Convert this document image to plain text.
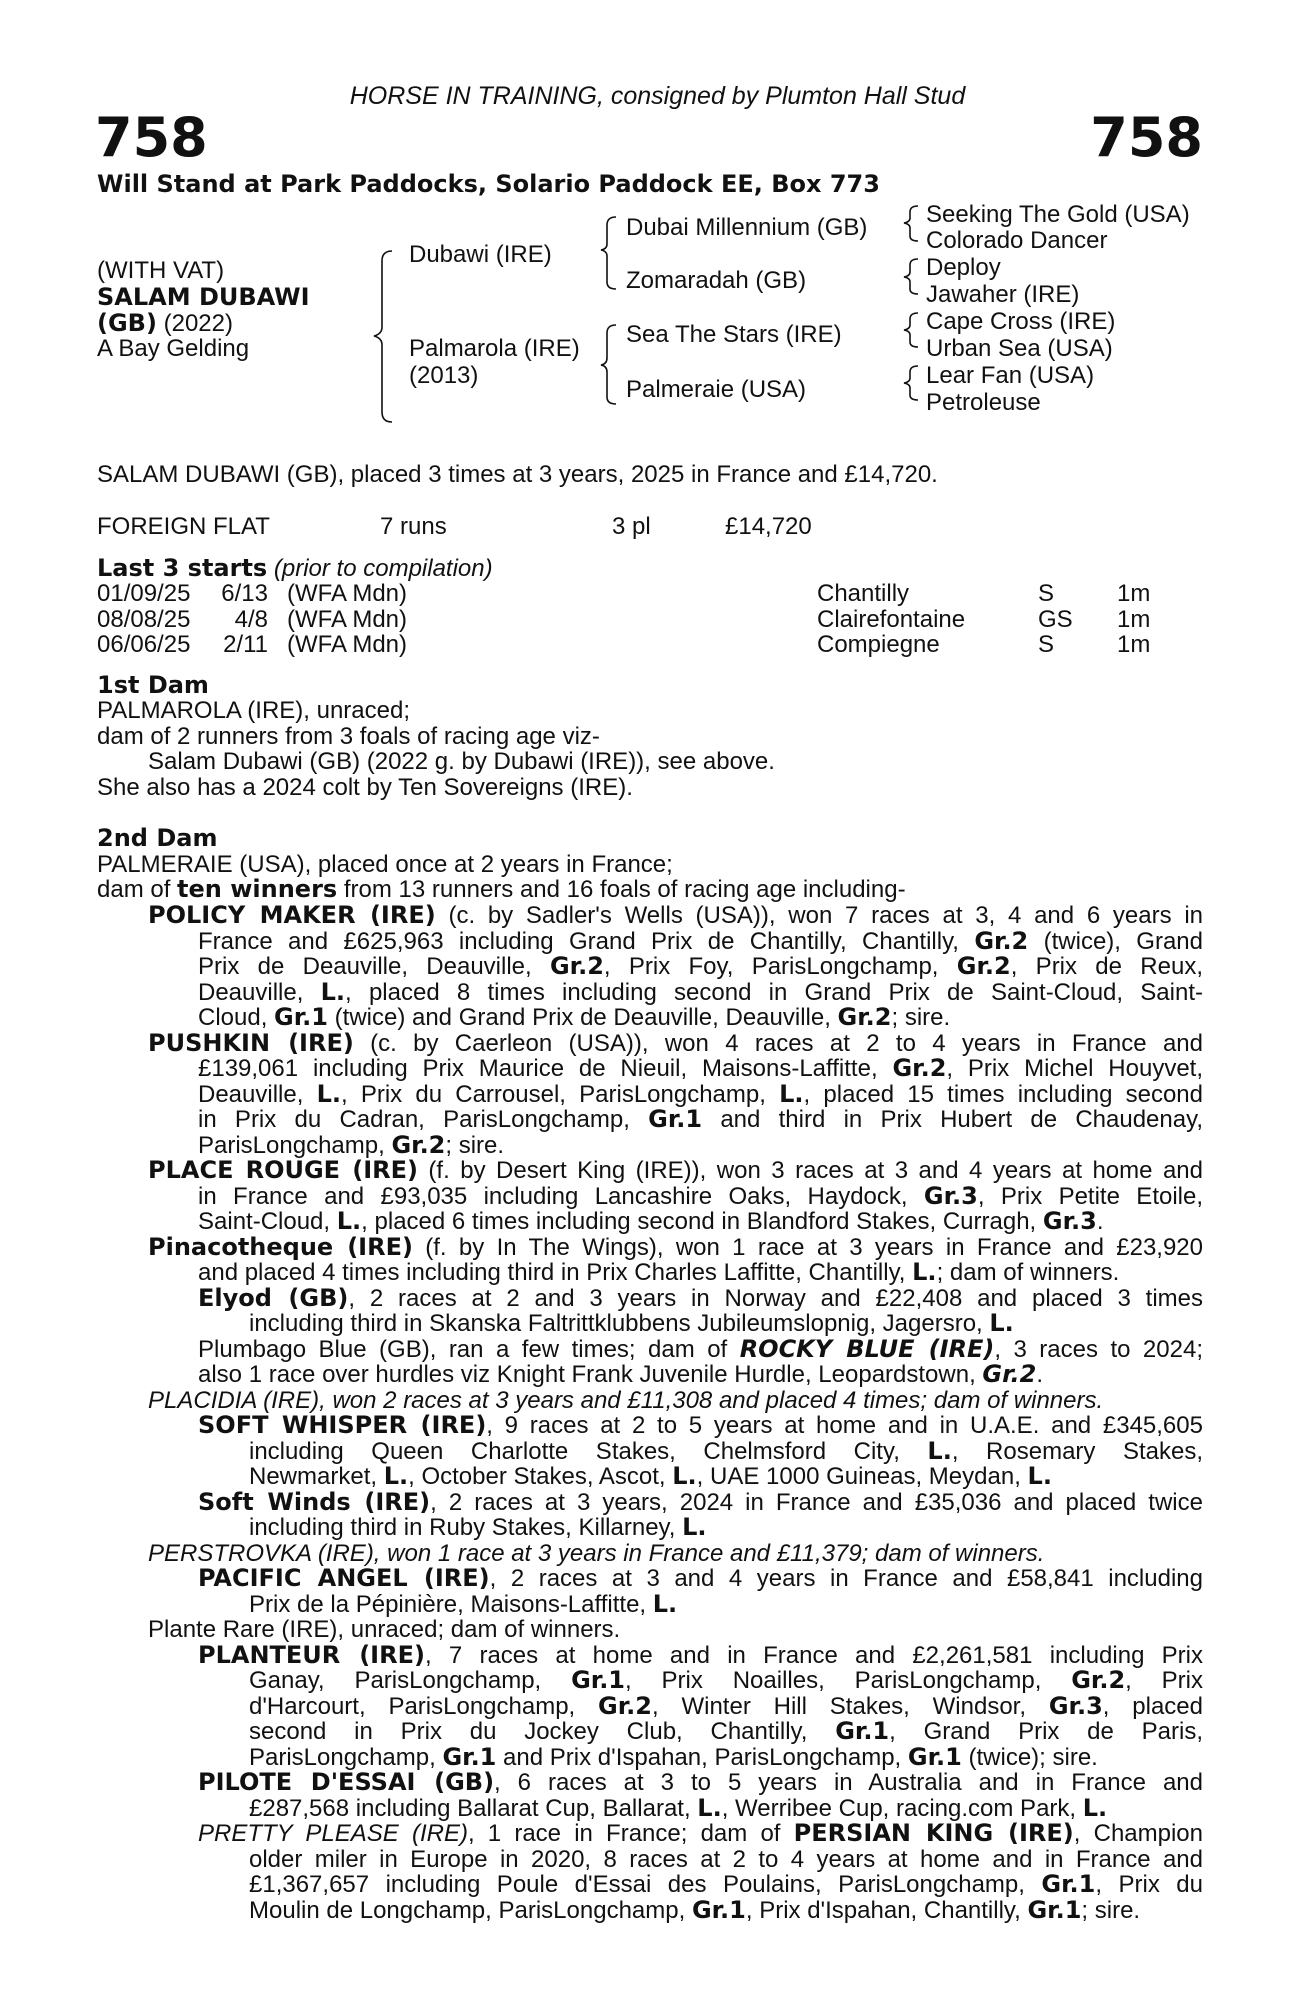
HORSE IN TRAINING, consigned by Plumton Hall Stud
758	758
Will Stand at Park Paddocks, Solario Paddock EE, Box 773
(WITH VAT)
SALAM DUBAWI
(GB) (2022)
A Bay Gelding
Dubawi (IRE)
Palmarola (IRE)
(2013)
Dubai Millennium (GB)
Zomaradah (GB)
Sea The Stars (IRE)
Palmeraie (USA)
Seeking The Gold (USA)
Colorado Dancer
Deploy
Jawaher (IRE)
Cape Cross (IRE)
Urban Sea (USA)
Lear Fan (USA)
Petroleuse
SALAM DUBAWI (GB), placed 3 times at 3 years, 2025 in France and £14,720.
FOREIGN FLAT	7 runs	3 pl	£14,720
Last 3 starts (prior to compilation)
01/09/25 6/13 (WFA Mdn)	Chantilly	S	1m
08/08/25 4/8 (WFA Mdn)	Clairefontaine	GS 1m
06/06/25 2/11 (WFA Mdn)	Compiegne	S	1m
1st Dam
PALMAROLA (IRE), unraced;
dam of 2 runners from 3 foals of racing age viz-
Salam Dubawi (GB) (2022 g. by Dubawi (IRE)), see above.
She also has a 2024 colt by Ten Sovereigns (IRE).
2nd Dam
PALMERAIE (USA), placed once at 2 years in France;
dam of ten winners from 13 runners and 16 foals of racing age including-
POLICY MAKER (IRE) (c. by Sadler's Wells (USA)), won 7 races at 3, 4 and 6 years in
France and £625,963 including Grand Prix de Chantilly, Chantilly, Gr.2 (twice), Grand
Prix de Deauville, Deauville, Gr.2, Prix Foy, ParisLongchamp, Gr.2, Prix de Reux,
Deauville, L., placed 8 times including second in Grand Prix de Saint-Cloud, Saint-
Cloud, Gr.1 (twice) and Grand Prix de Deauville, Deauville, Gr.2; sire.
PUSHKIN (IRE) (c. by Caerleon (USA)), won 4 races at 2 to 4 years in France and
£139,061 including Prix Maurice de Nieuil, Maisons-Laffitte, Gr.2, Prix Michel Houyvet,
Deauville, L., Prix du Carrousel, ParisLongchamp, L., placed 15 times including second
in Prix du Cadran, ParisLongchamp, Gr.1 and third in Prix Hubert de Chaudenay,
ParisLongchamp, Gr.2; sire.
PLACE ROUGE (IRE) (f. by Desert King (IRE)), won 3 races at 3 and 4 years at home and
in France and £93,035 including Lancashire Oaks, Haydock, Gr.3, Prix Petite Etoile,
Saint-Cloud, L., placed 6 times including second in Blandford Stakes, Curragh, Gr.3.
Pinacotheque (IRE) (f. by In The Wings), won 1 race at 3 years in France and £23,920
and placed 4 times including third in Prix Charles Laffitte, Chantilly, L.; dam of winners.
Elyod (GB), 2 races at 2 and 3 years in Norway and £22,408 and placed 3 times
including third in Skanska Faltrittklubbens Jubileumslopnig, Jagersro, L.
Plumbago Blue (GB), ran a few times; dam of ROCKY BLUE (IRE), 3 races to 2024;
also 1 race over hurdles viz Knight Frank Juvenile Hurdle, Leopardstown, Gr.2.
PLACIDIA (IRE), won 2 races at 3 years and £11,308 and placed 4 times; dam of winners.
SOFT WHISPER (IRE), 9 races at 2 to 5 years at home and in U.A.E. and £345,605
including Queen Charlotte Stakes, Chelmsford City, L., Rosemary Stakes,
Newmarket, L., October Stakes, Ascot, L., UAE 1000 Guineas, Meydan, L.
Soft Winds (IRE), 2 races at 3 years, 2024 in France and £35,036 and placed twice
including third in Ruby Stakes, Killarney, L.
PERSTROVKA (IRE), won 1 race at 3 years in France and £11,379; dam of winners.
PACIFIC ANGEL (IRE), 2 races at 3 and 4 years in France and £58,841 including
Prix de la Pépinière, Maisons-Laffitte, L.
Plante Rare (IRE), unraced; dam of winners.
PLANTEUR (IRE), 7 races at home and in France and £2,261,581 including Prix
Ganay, ParisLongchamp, Gr.1, Prix Noailles, ParisLongchamp, Gr.2, Prix
d'Harcourt, ParisLongchamp, Gr.2, Winter Hill Stakes, Windsor, Gr.3, placed
second in Prix du Jockey Club, Chantilly, Gr.1, Grand Prix de Paris,
ParisLongchamp, Gr.1 and Prix d'Ispahan, ParisLongchamp, Gr.1 (twice); sire.
PILOTE D'ESSAI (GB), 6 races at 3 to 5 years in Australia and in France and
£287,568 including Ballarat Cup, Ballarat, L., Werribee Cup, racing.com Park, L.
PRETTY PLEASE (IRE), 1 race in France; dam of PERSIAN KING (IRE), Champion
older miler in Europe in 2020, 8 races at 2 to 4 years at home and in France and
£1,367,657 including Poule d'Essai des Poulains, ParisLongchamp, Gr.1, Prix du
Moulin de Longchamp, ParisLongchamp, Gr.1, Prix d'Ispahan, Chantilly, Gr.1; sire.
